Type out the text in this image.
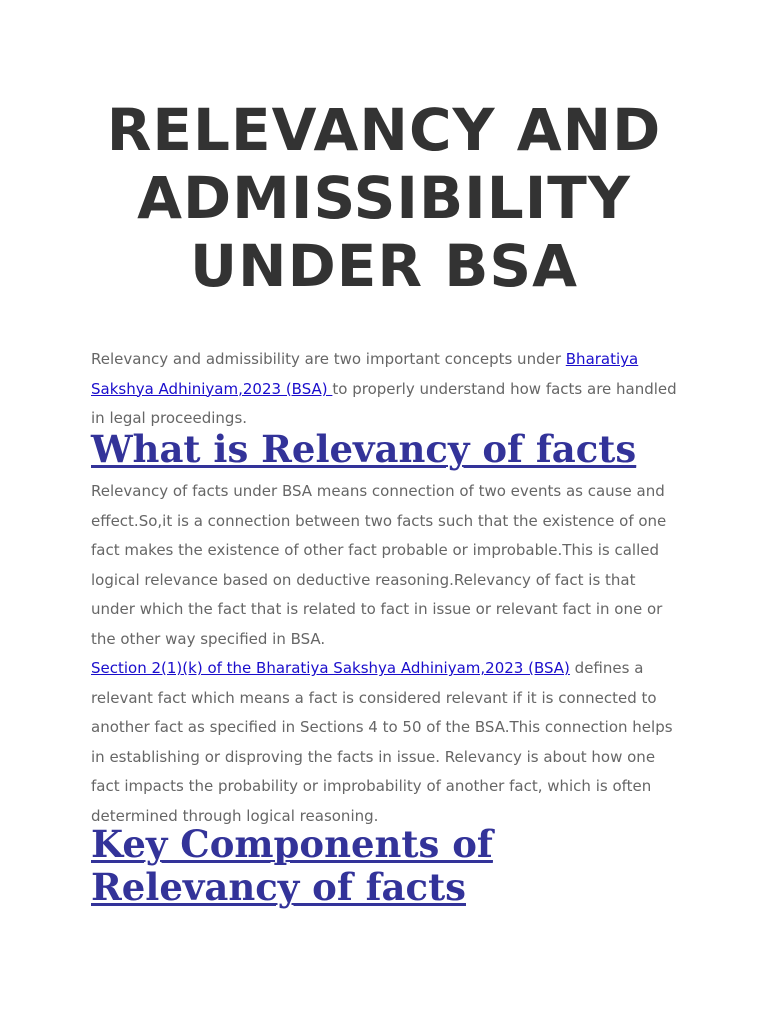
RELEVANCY AND
ADMISSIBILITY
UNDER BSA

Relevancy and admissibility are two important concepts under Bharatiya Sakshya Adhiniyam,2023 (BSA) to properly understand how facts are handled in legal proceedings.

What is Relevancy of facts

Relevancy of facts under BSA means connection of two events as cause and effect.So,it is a connection between two facts such that the existence of one fact makes the existence of other fact probable or improbable.This is called logical relevance based on deductive reasoning.Relevancy of fact is that under which the fact that is related to fact in issue or relevant fact in one or the other way specified in BSA.

Section 2(1)(k) of the Bharatiya Sakshya Adhiniyam,2023 (BSA) defines a relevant fact which means a fact is considered relevant if it is connected to another fact as specified in Sections 4 to 50 of the BSA.This connection helps in establishing or disproving the facts in issue. Relevancy is about how one fact impacts the probability or improbability of another fact, which is often determined through logical reasoning.

Key Components of
Relevancy of facts
